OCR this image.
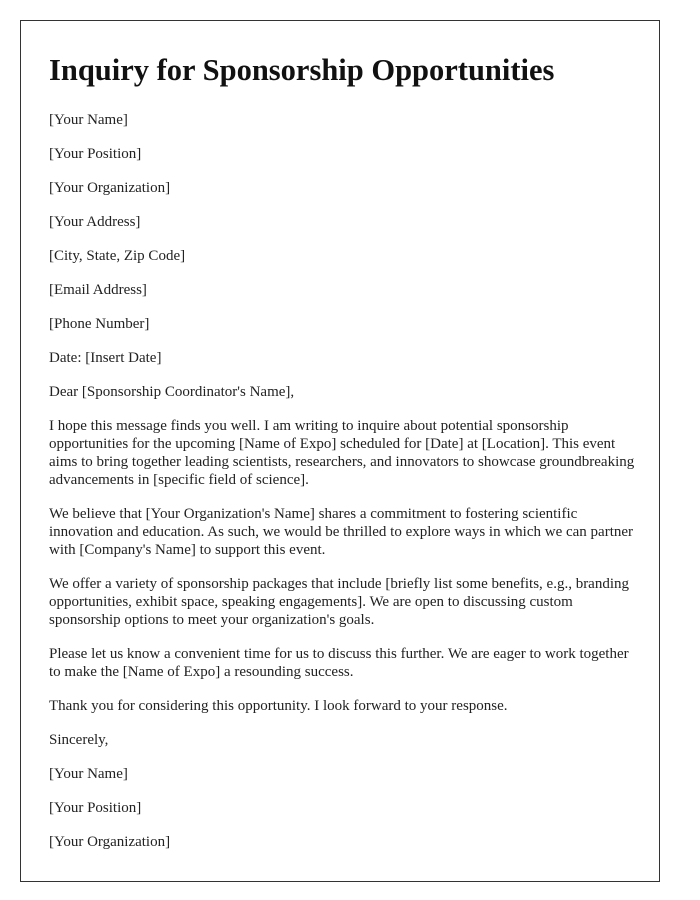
Inquiry for Sponsorship Opportunities
[Your Name]
[Your Position]
[Your Organization]
[Your Address]
[City, State, Zip Code]
[Email Address]
[Phone Number]
Date: [Insert Date]
Dear [Sponsorship Coordinator's Name],

I hope this message finds you well. I am writing to inquire about potential sponsorship opportunities for the upcoming [Name of Expo] scheduled for [Date] at [Location]. This event aims to bring together leading scientists, researchers, and innovators to showcase groundbreaking advancements in [specific field of science].

We believe that [Your Organization's Name] shares a commitment to fostering scientific innovation and education. As such, we would be thrilled to explore ways in which we can partner with [Company's Name] to support this event.

We offer a variety of sponsorship packages that include [briefly list some benefits, e.g., branding opportunities, exhibit space, speaking engagements]. We are open to discussing custom sponsorship options to meet your organization's goals.

Please let us know a convenient time for us to discuss this further. We are eager to work together to make the [Name of Expo] a resounding success.

Thank you for considering this opportunity. I look forward to your response.

Sincerely,
[Your Name]
[Your Position]
[Your Organization]
